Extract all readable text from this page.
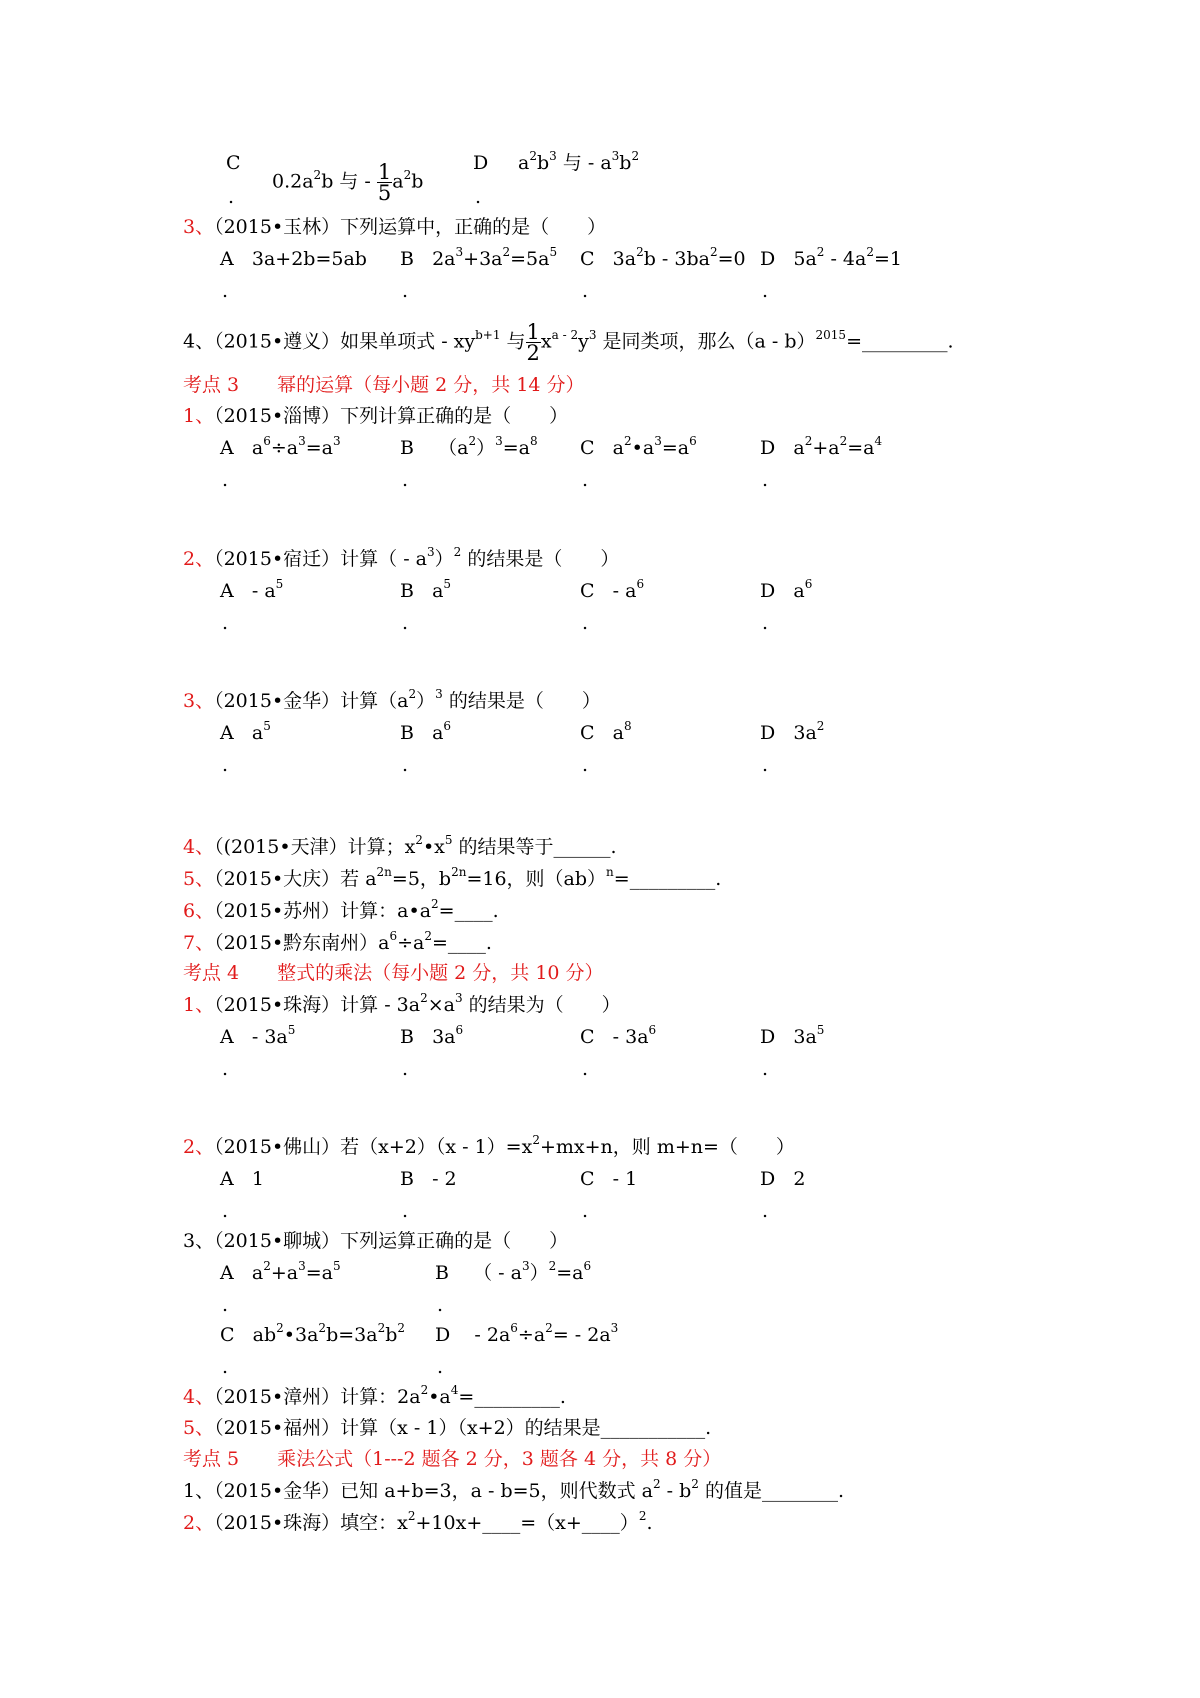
C
$0.2a^2b$ 与 - $\frac{1}{5} a^2b$
.
D $a^2b^3$ 与 - $a^3b^2$
.
3、（2015•玉林）下列运算中，正确的是（　　）
A 3a+2b=5ab B $2a^3+3a^2=5a^5$ C $3a^2b - 3ba^2=0$ D $5a^2 - 4a^2=1$
.	.	.	.
4、（2015•遵义）如果单项式 - $xy^{b+1}$ 与 $\frac{1}{2} x^{a - 2}y^3$ 是同类项，那么（a - b）$^{2015}$=_________.
考点 3　　幂的运算（每小题 2 分，共 14 分）
1、（2015•淄博）下列计算正确的是（　　）
A   $a^6\div a^3=a^3$	B    $(a^2)^3=a^8$ C   $a^2•a^3=a^6$	D   $a^2+a^2=a^4$
.	.	.	.
2、（2015•宿迁）计算（ - $a^3)^2$ 的结果是（　　）
A   - $a^5$	B   $a^5$	C   - $a^6$	D   $a^6$
.	.	.	.
3、（2015•金华）计算$(a^2)^3$ 的结果是（　　）
A   $a^5$	B   $a^6$	C   $a^8$	D   $3a^2$
.	.	.	.
4、（(2015•天津）计算；$x^2•x^5$ 的结果等于______.
5、（2015•大庆）若 $a^{2n}=5$，$b^{2n}=16$，则（ab）$^n$=_________.
6、（2015•苏州）计算：$a•a^2=\_\_\_\_$.
7、（2015•黔东南州）$a^6\div a^2=\_\_\_\_$.
考点 4　　整式的乘法（每小题 2 分，共 10 分）
1、（2015•珠海）计算 - $3a^2\times a^3$ 的结果为（　　）
A   - $3a^5$	B   $3a^6$	C   - $3a^6$	D   $3a^5$
.	.	.	.
2、（2015•佛山）若$(x+2)(x - 1)=x^2+mx+n$，则 m+n=（　　）
A 1	B - 2	C - 1	D 2
.	.	.	.
3、（2015•聊城）下列运算正确的是（　　）
A   $a^2+a^3=a^5$	B    （ - $a^3)^2=a^6$
.	.
C   $ab^2•3a^2b=3a^2b^2$ D    - $2a^6\div a^2= - 2a^3$
.	.
4、（2015•漳州）计算：$2a^2•a^4=\_\_\_\_\_\_\_\_\_$.
5、（2015•福州）计算（x - 1）（x+2）的结果是___________.
考点 5　　乘法公式（1---2 题各 2 分，3 题各 4 分，共 8 分）
1、（2015•金华）已知 a+b=3，a - b=5，则代数式 $a^2 - b^2$ 的值是________.
2、（2015•珠海）填空：$x^2+10x+\_\_\_\_=(x+\_\_\_\_)^2$.
